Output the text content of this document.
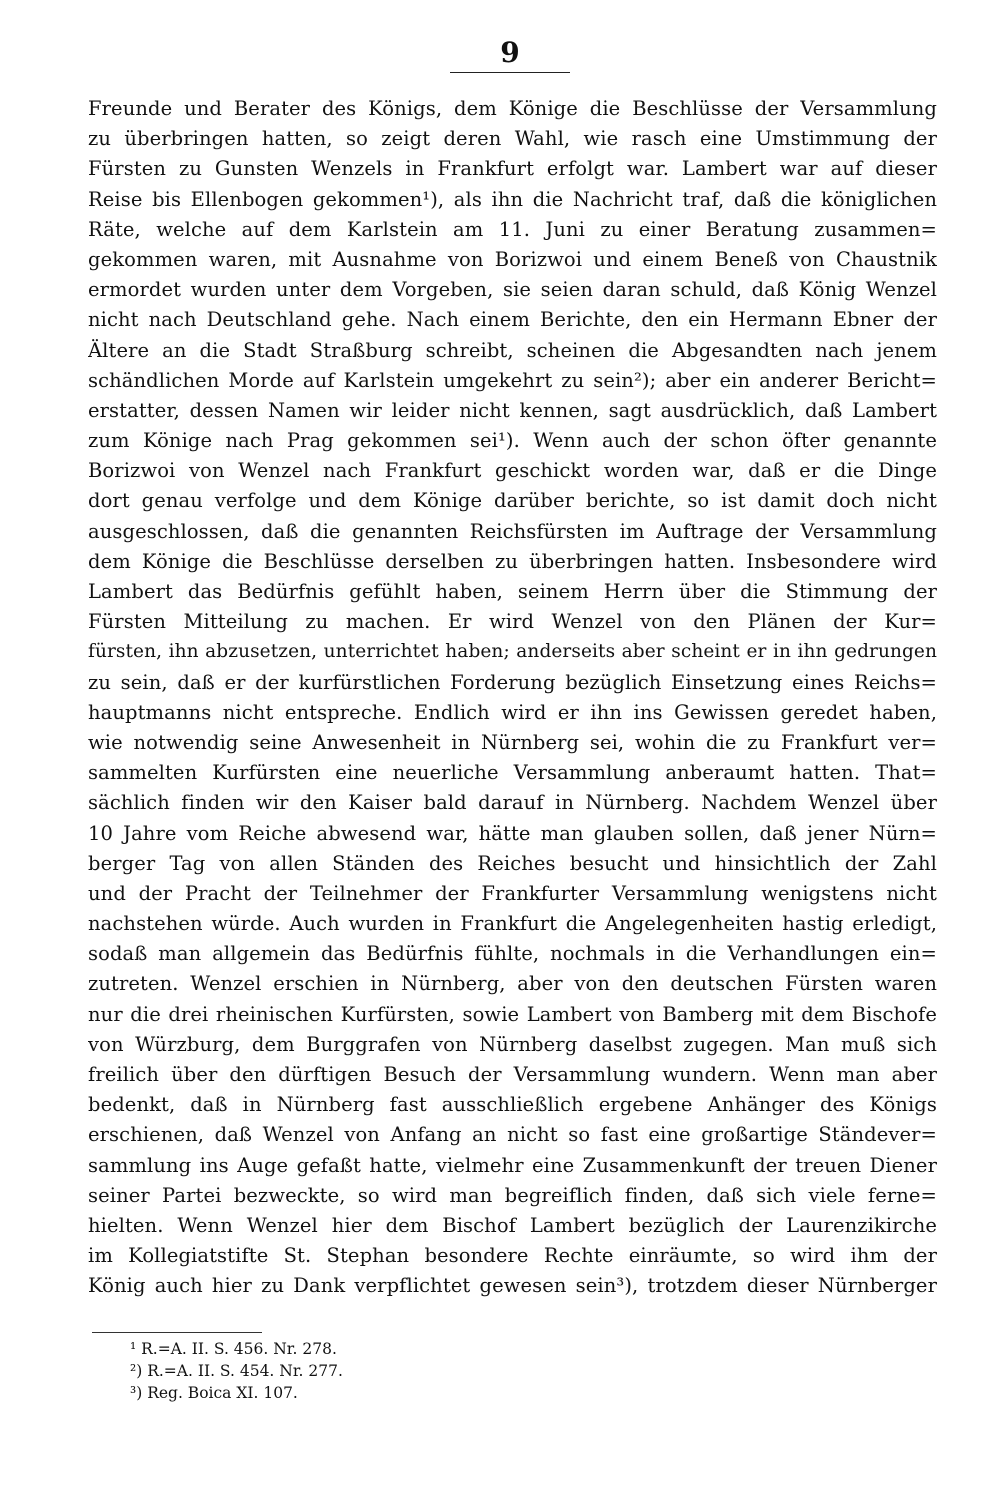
9
Freunde und Berater des Königs, dem Könige die Beschlüsse der Versammlung
zu überbringen hatten, so zeigt deren Wahl, wie rasch eine Umstimmung der
Fürsten zu Gunsten Wenzels in Frankfurt erfolgt war. Lambert war auf dieser
Reise bis Ellenbogen gekommen¹), als ihn die Nachricht traf, daß die königlichen
Räte, welche auf dem Karlstein am 11. Juni zu einer Beratung zusammen=
gekommen waren, mit Ausnahme von Borizwoi und einem Beneß von Chaustnik
ermordet wurden unter dem Vorgeben, sie seien daran schuld, daß König Wenzel
nicht nach Deutschland gehe. Nach einem Berichte, den ein Hermann Ebner der
Ältere an die Stadt Straßburg schreibt, scheinen die Abgesandten nach jenem
schändlichen Morde auf Karlstein umgekehrt zu sein²); aber ein anderer Bericht=
erstatter, dessen Namen wir leider nicht kennen, sagt ausdrücklich, daß Lambert
zum Könige nach Prag gekommen sei¹). Wenn auch der schon öfter genannte
Borizwoi von Wenzel nach Frankfurt geschickt worden war, daß er die Dinge
dort genau verfolge und dem Könige darüber berichte, so ist damit doch nicht
ausgeschlossen, daß die genannten Reichsfürsten im Auftrage der Versammlung
dem Könige die Beschlüsse derselben zu überbringen hatten. Insbesondere wird
Lambert das Bedürfnis gefühlt haben, seinem Herrn über die Stimmung der
Fürsten Mitteilung zu machen. Er wird Wenzel von den Plänen der Kur=
fürsten, ihn abzusetzen, unterrichtet haben; anderseits aber scheint er in ihn gedrungen
zu sein, daß er der kurfürstlichen Forderung bezüglich Einsetzung eines Reichs=
hauptmanns nicht entspreche. Endlich wird er ihn ins Gewissen geredet haben,
wie notwendig seine Anwesenheit in Nürnberg sei, wohin die zu Frankfurt ver=
sammelten Kurfürsten eine neuerliche Versammlung anberaumt hatten. That=
sächlich finden wir den Kaiser bald darauf in Nürnberg. Nachdem Wenzel über
10 Jahre vom Reiche abwesend war, hätte man glauben sollen, daß jener Nürn=
berger Tag von allen Ständen des Reiches besucht und hinsichtlich der Zahl
und der Pracht der Teilnehmer der Frankfurter Versammlung wenigstens nicht
nachstehen würde. Auch wurden in Frankfurt die Angelegenheiten hastig erledigt,
sodaß man allgemein das Bedürfnis fühlte, nochmals in die Verhandlungen ein=
zutreten. Wenzel erschien in Nürnberg, aber von den deutschen Fürsten waren
nur die drei rheinischen Kurfürsten, sowie Lambert von Bamberg mit dem Bischofe
von Würzburg, dem Burggrafen von Nürnberg daselbst zugegen. Man muß sich
freilich über den dürftigen Besuch der Versammlung wundern. Wenn man aber
bedenkt, daß in Nürnberg fast ausschließlich ergebene Anhänger des Königs
erschienen, daß Wenzel von Anfang an nicht so fast eine großartige Ständever=
sammlung ins Auge gefaßt hatte, vielmehr eine Zusammenkunft der treuen Diener
seiner Partei bezweckte, so wird man begreiflich finden, daß sich viele ferne=
hielten. Wenn Wenzel hier dem Bischof Lambert bezüglich der Laurenzikirche
im Kollegiatstifte St. Stephan besondere Rechte einräumte, so wird ihm der
König auch hier zu Dank verpflichtet gewesen sein³), trotzdem dieser Nürnberger
¹ R.=A. II. S. 456. Nr. 278.
²) R.=A. II. S. 454. Nr. 277.
³) Reg. Boica XI. 107.
